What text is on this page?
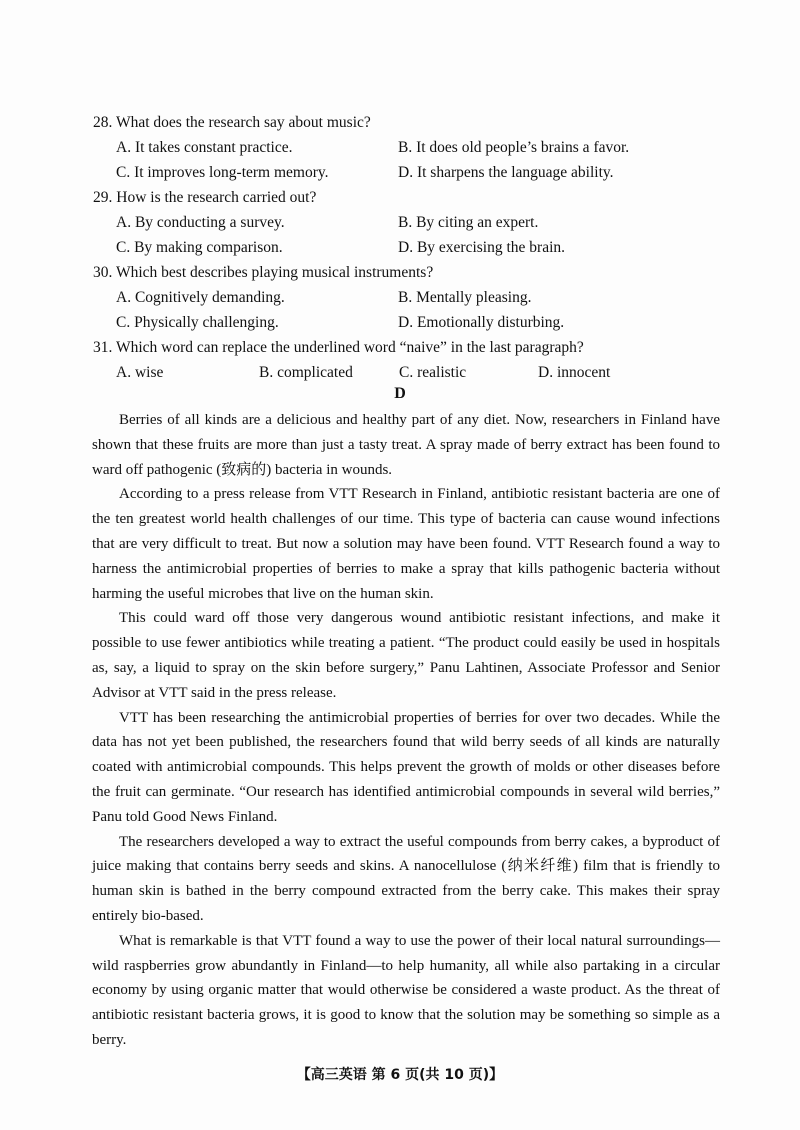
28. What does the research say about music?
A. It takes constant practice.	B. It does old people’s brains a favor.
C. It improves long-term memory.	D. It sharpens the language ability.
29. How is the research carried out?
A. By conducting a survey.	B. By citing an expert.
C. By making comparison.	D. By exercising the brain.
30. Which best describes playing musical instruments?
A. Cognitively demanding.	B. Mentally pleasing.
C. Physically challenging.	D. Emotionally disturbing.
31. Which word can replace the underlined word “naive” in the last paragraph?
A. wise	B. complicated	C. realistic	D. innocent
D

Berries of all kinds are a delicious and healthy part of any diet. Now, researchers in Finland have shown that these fruits are more than just a tasty treat. A spray made of berry extract has been found to ward off pathogenic (致病的) bacteria in wounds.

According to a press release from VTT Research in Finland, antibiotic resistant bacteria are one of the ten greatest world health challenges of our time. This type of bacteria can cause wound infections that are very difficult to treat. But now a solution may have been found. VTT Research found a way to harness the antimicrobial properties of berries to make a spray that kills pathogenic bacteria without harming the useful microbes that live on the human skin.

This could ward off those very dangerous wound antibiotic resistant infections, and make it possible to use fewer antibiotics while treating a patient. “The product could easily be used in hospitals as, say, a liquid to spray on the skin before surgery,” Panu Lahtinen, Associate Professor and Senior Advisor at VTT said in the press release.

VTT has been researching the antimicrobial properties of berries for over two decades. While the data has not yet been published, the researchers found that wild berry seeds of all kinds are naturally coated with antimicrobial compounds. This helps prevent the growth of molds or other diseases before the fruit can germinate. “Our research has identified antimicrobial compounds in several wild berries,” Panu told Good News Finland.

The researchers developed a way to extract the useful compounds from berry cakes, a byproduct of juice making that contains berry seeds and skins. A nanocellulose (纳米纤维) film that is friendly to human skin is bathed in the berry compound extracted from the berry cake. This makes their spray entirely bio-based.

What is remarkable is that VTT found a way to use the power of their local natural surroundings—wild raspberries grow abundantly in Finland—to help humanity, all while also partaking in a circular economy by using organic matter that would otherwise be considered a waste product. As the threat of antibiotic resistant bacteria grows, it is good to know that the solution may be something so simple as a berry.

【高三英语 第 6 页(共 10 页)】
